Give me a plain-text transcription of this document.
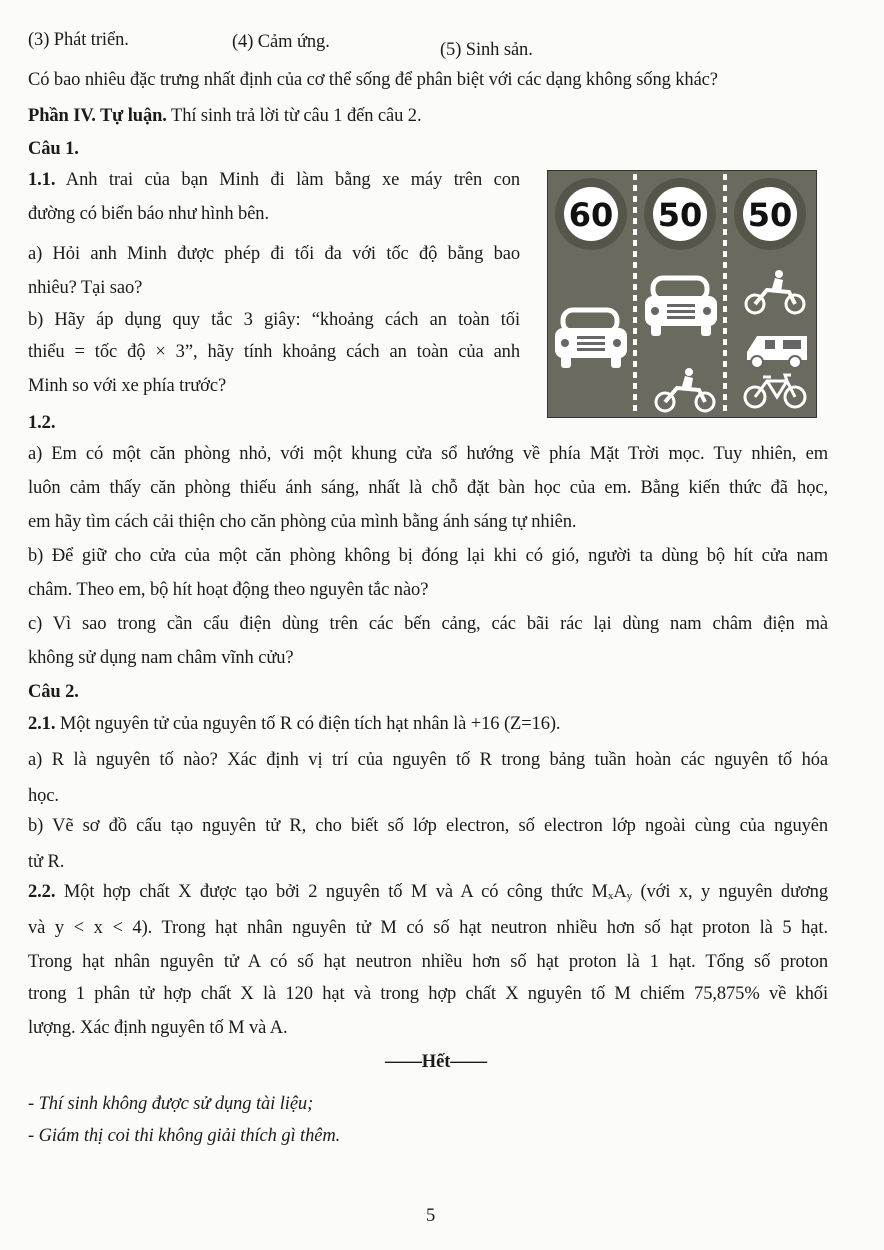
(3) Phát triển.	(4) Cảm ứng.	(5) Sinh sản.
Có bao nhiêu đặc trưng nhất định của cơ thể sống để phân biệt với các dạng không sống khác?
Phần IV. Tự luận. Thí sinh trả lời từ câu 1 đến câu 2.
Câu 1.
1.1. Anh trai của bạn Minh đi làm bằng xe máy trên con
đường có biển báo như hình bên.
a) Hỏi anh Minh được phép đi tối đa với tốc độ bằng bao
nhiêu? Tại sao?
b) Hãy áp dụng quy tắc 3 giây: “khoảng cách an toàn tối
thiểu = tốc độ × 3”, hãy tính khoảng cách an toàn của anh
Minh so với xe phía trước?
60 50 50
1.2.
a) Em có một căn phòng nhỏ, với một khung cửa sổ hướng về phía Mặt Trời mọc. Tuy nhiên, em
luôn cảm thấy căn phòng thiếu ánh sáng, nhất là chỗ đặt bàn học của em. Bằng kiến thức đã học,
em hãy tìm cách cải thiện cho căn phòng của mình bằng ánh sáng tự nhiên.
b) Để giữ cho cửa của một căn phòng không bị đóng lại khi có gió, người ta dùng bộ hít cửa nam
châm. Theo em, bộ hít hoạt động theo nguyên tắc nào?
c) Vì sao trong cần cẩu điện dùng trên các bến cảng, các bãi rác lại dùng nam châm điện mà
không sử dụng nam châm vĩnh cửu?
Câu 2.
2.1. Một nguyên tử của nguyên tố R có điện tích hạt nhân là +16 (Z=16).
a) R là nguyên tố nào? Xác định vị trí của nguyên tố R trong bảng tuần hoàn các nguyên tố hóa
học.
b) Vẽ sơ đồ cấu tạo nguyên tử R, cho biết số lớp electron, số electron lớp ngoài cùng của nguyên
tử R.
2.2. Một hợp chất X được tạo bởi 2 nguyên tố M và A có công thức $M_xA_y$ (với x, y nguyên dương
và y < x < 4). Trong hạt nhân nguyên tử M có số hạt neutron nhiều hơn số hạt proton là 5 hạt.
Trong hạt nhân nguyên tử A có số hạt neutron nhiều hơn số hạt proton là 1 hạt. Tổng số proton
trong 1 phân tử hợp chất X là 120 hạt và trong hợp chất X nguyên tố M chiếm 75,875% về khối
lượng. Xác định nguyên tố M và A.
——Hết——
- Thí sinh không được sử dụng tài liệu;
- Giám thị coi thi không giải thích gì thêm.
5
